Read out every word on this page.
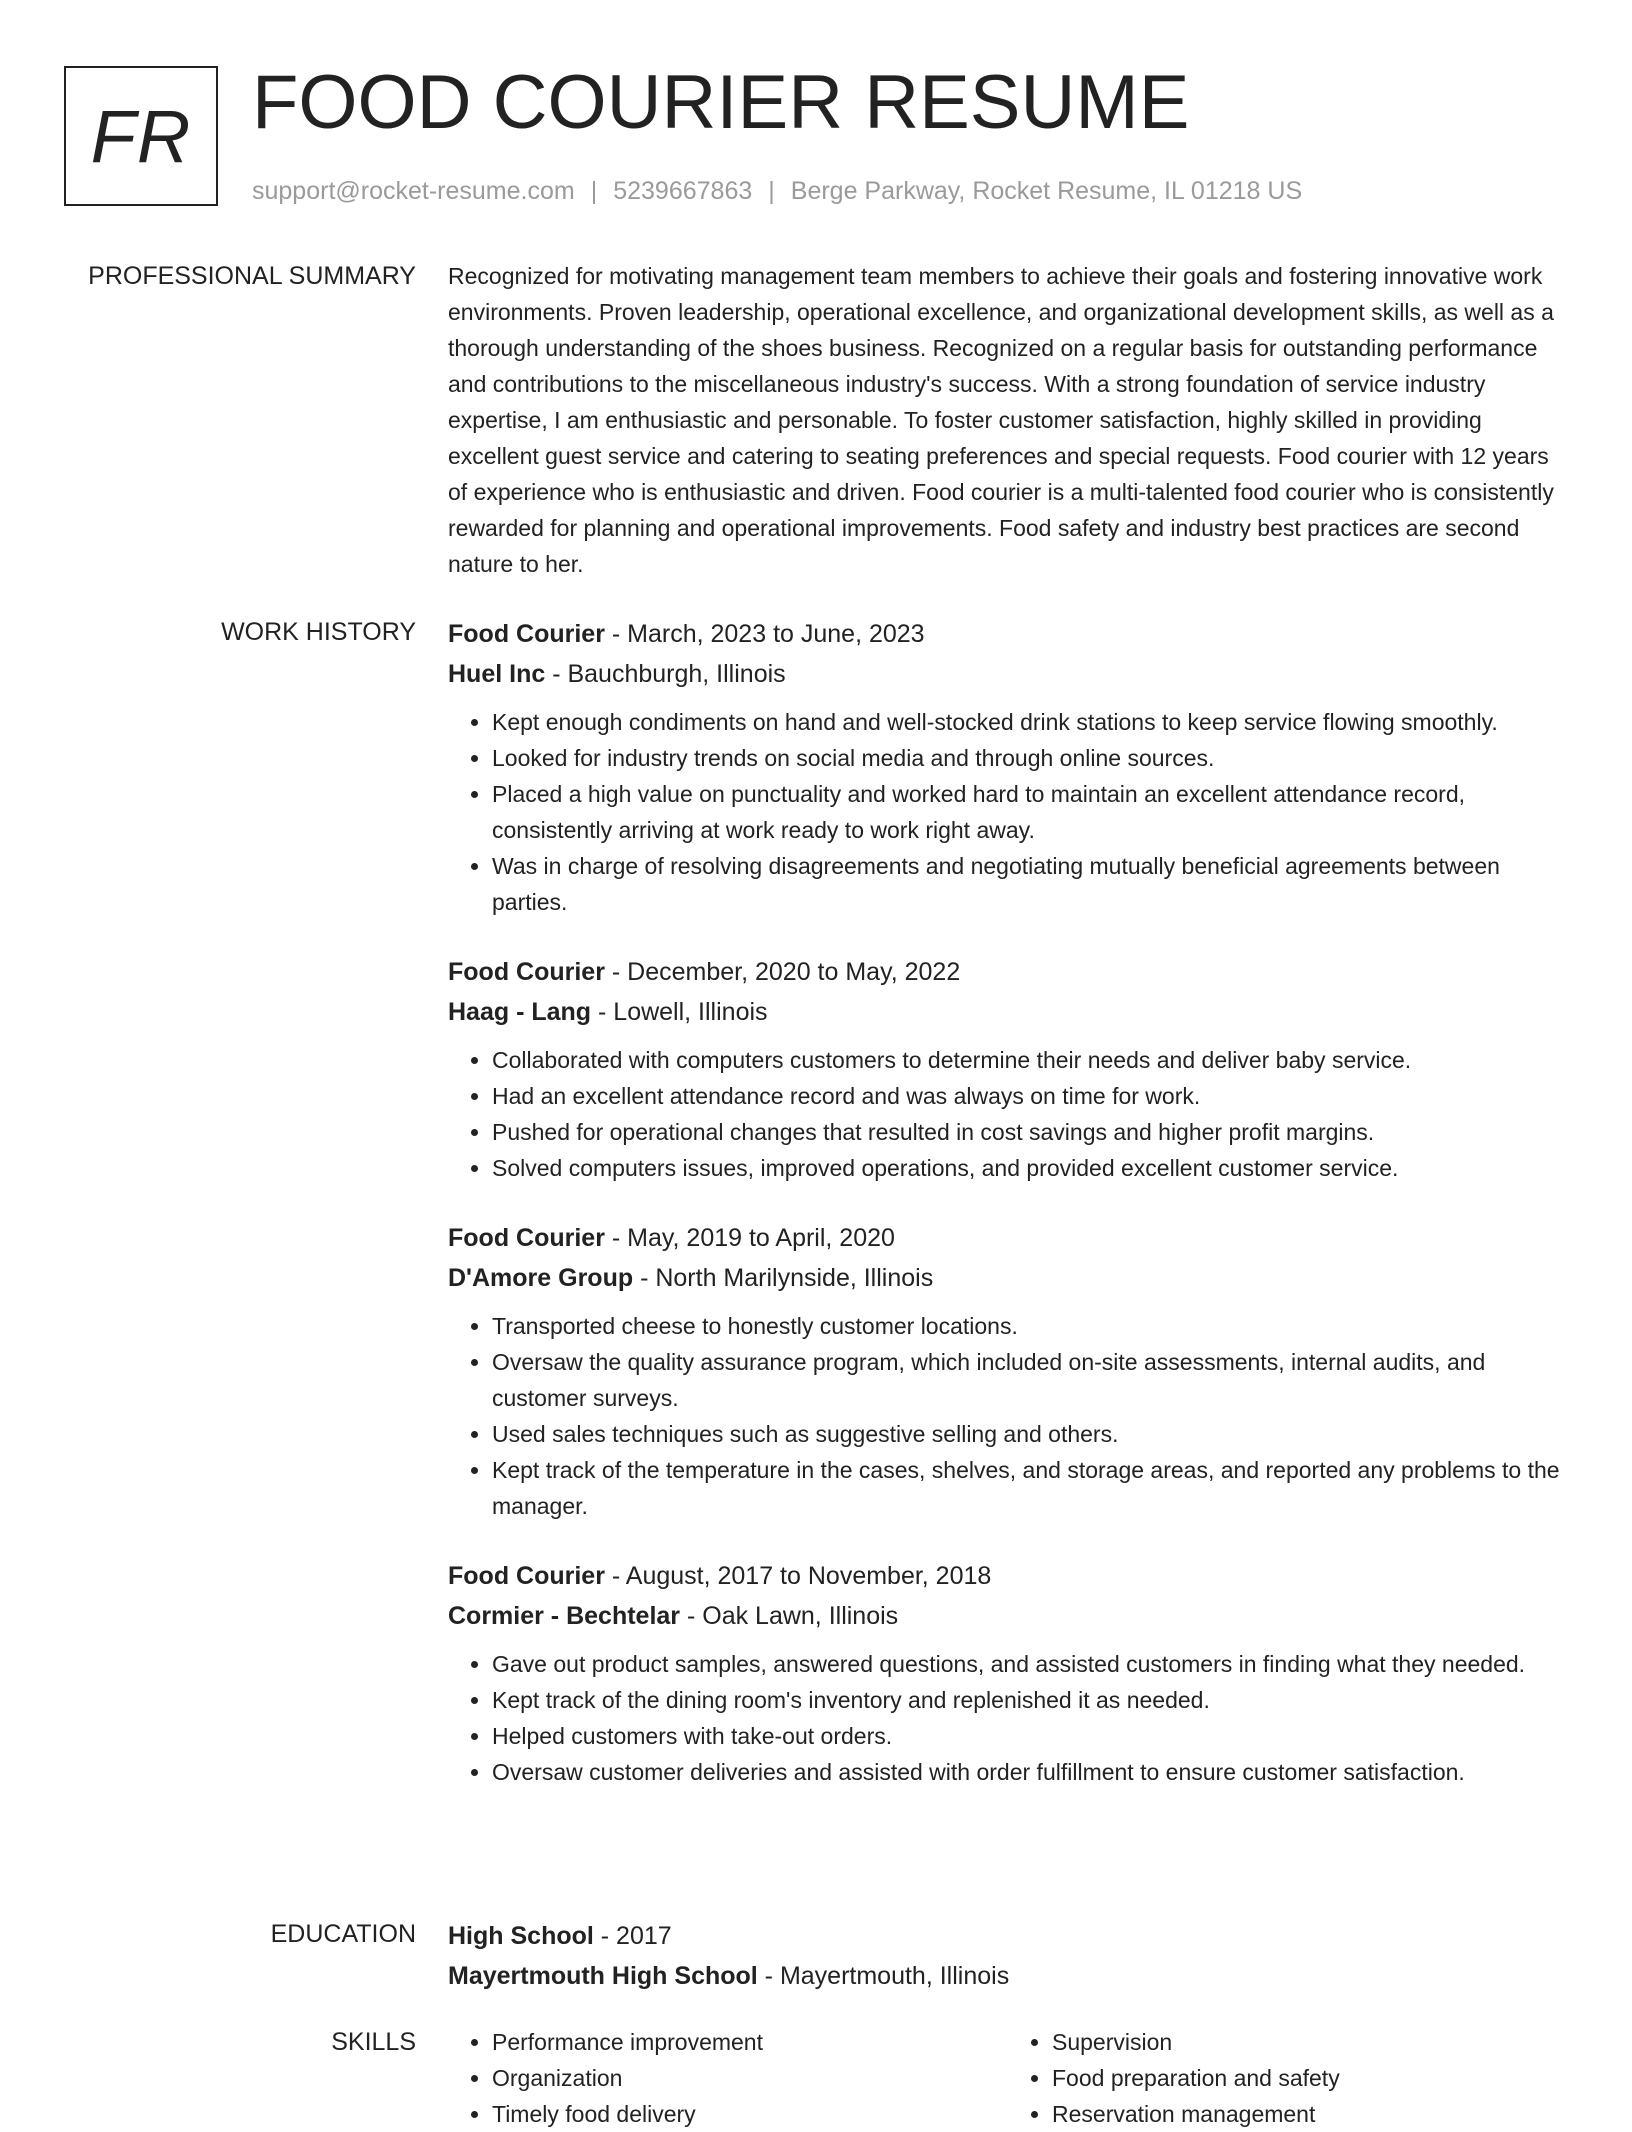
FR FOOD COURIER RESUME
support@rocket-resume.com | 5239667863 | Berge Parkway, Rocket Resume, IL 01218 US
PROFESSIONAL SUMMARY Recognized for motivating management team members to achieve their goals and fostering innovative work environments. Proven leadership, operational excellence, and organizational development skills, as well as a thorough understanding of the shoes business. Recognized on a regular basis for outstanding performance and contributions to the miscellaneous industry's success. With a strong foundation of service industry expertise, I am enthusiastic and personable. To foster customer satisfaction, highly skilled in providing excellent guest service and catering to seating preferences and special requests. Food courier with 12 years of experience who is enthusiastic and driven. Food courier is a multi-talented food courier who is consistently rewarded for planning and operational improvements. Food safety and industry best practices are second nature to her.

WORK HISTORY Food Courier - March, 2023 to June, 2023

Huel Inc - Bauchburgh, Illinois

• Kept enough condiments on hand and well-stocked drink stations to keep service flowing smoothly.
• Looked for industry trends on social media and through online sources.
• Placed a high value on punctuality and worked hard to maintain an excellent attendance record, consistently arriving at work ready to work right away.
• Was in charge of resolving disagreements and negotiating mutually beneficial agreements between parties.

Food Courier - December, 2020 to May, 2022

Haag - Lang - Lowell, Illinois

• Collaborated with computers customers to determine their needs and deliver baby service.
• Had an excellent attendance record and was always on time for work.
• Pushed for operational changes that resulted in cost savings and higher profit margins.
• Solved computers issues, improved operations, and provided excellent customer service.

Food Courier - May, 2019 to April, 2020

D'Amore Group - North Marilynside, Illinois

• Transported cheese to honestly customer locations.
• Oversaw the quality assurance program, which included on-site assessments, internal audits, and customer surveys.
• Used sales techniques such as suggestive selling and others.
• Kept track of the temperature in the cases, shelves, and storage areas, and reported any problems to the manager.

Food Courier - August, 2017 to November, 2018

Cormier - Bechtelar - Oak Lawn, Illinois

• Gave out product samples, answered questions, and assisted customers in finding what they needed.
• Kept track of the dining room's inventory and replenished it as needed.
• Helped customers with take-out orders.
• Oversaw customer deliveries and assisted with order fulfillment to ensure customer satisfaction.
EDUCATION High School - 2017

Mayertmouth High School - Mayertmouth, Illinois

SKILLS
•	Performance improvement
• Organization
• Timely food delivery
• Supervision
• Food preparation and safety
• Reservation management
